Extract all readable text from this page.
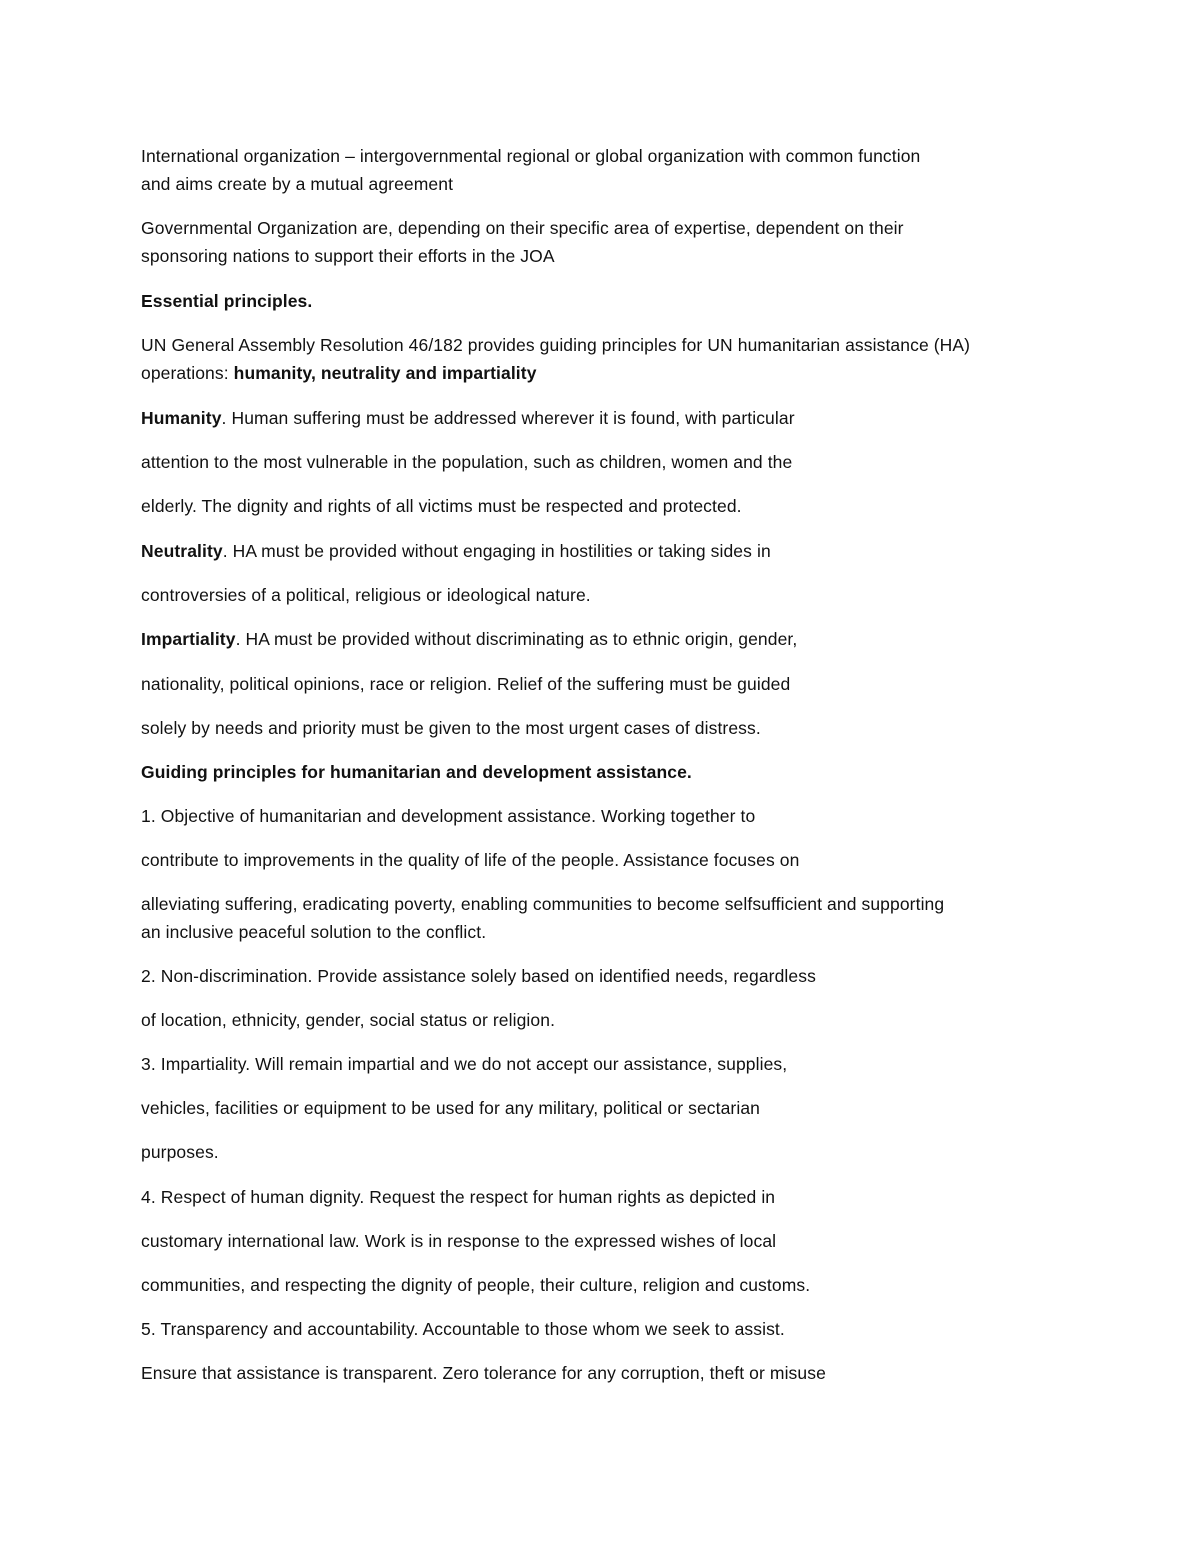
International organization – intergovernmental regional or global organization with common function

and aims create by a mutual agreement

Governmental Organization are, depending on their specific area of expertise, dependent on their

sponsoring nations to support their efforts in the JOA

Essential principles.

UN General Assembly Resolution 46/182 provides guiding principles for UN humanitarian assistance (HA)

operations: humanity, neutrality and impartiality

Humanity. Human suffering must be addressed wherever it is found, with particular

attention to the most vulnerable in the population, such as children, women and the

elderly. The dignity and rights of all victims must be respected and protected.

Neutrality. HA must be provided without engaging in hostilities or taking sides in

controversies of a political, religious or ideological nature.

Impartiality. HA must be provided without discriminating as to ethnic origin, gender,

nationality, political opinions, race or religion. Relief of the suffering must be guided

solely by needs and priority must be given to the most urgent cases of distress.

Guiding principles for humanitarian and development assistance.

1. Objective of humanitarian and development assistance. Working together to

contribute to improvements in the quality of life of the people. Assistance focuses on

alleviating suffering, eradicating poverty, enabling communities to become selfsufficient and supporting

an inclusive peaceful solution to the conflict.

2. Non-discrimination. Provide assistance solely based on identified needs, regardless

of location, ethnicity, gender, social status or religion.

3. Impartiality. Will remain impartial and we do not accept our assistance, supplies,

vehicles, facilities or equipment to be used for any military, political or sectarian

purposes.

4. Respect of human dignity. Request the respect for human rights as depicted in

customary international law. Work is in response to the expressed wishes of local

communities, and respecting the dignity of people, their culture, religion and customs.

5. Transparency and accountability. Accountable to those whom we seek to assist.

Ensure that assistance is transparent. Zero tolerance for any corruption, theft or misuse
